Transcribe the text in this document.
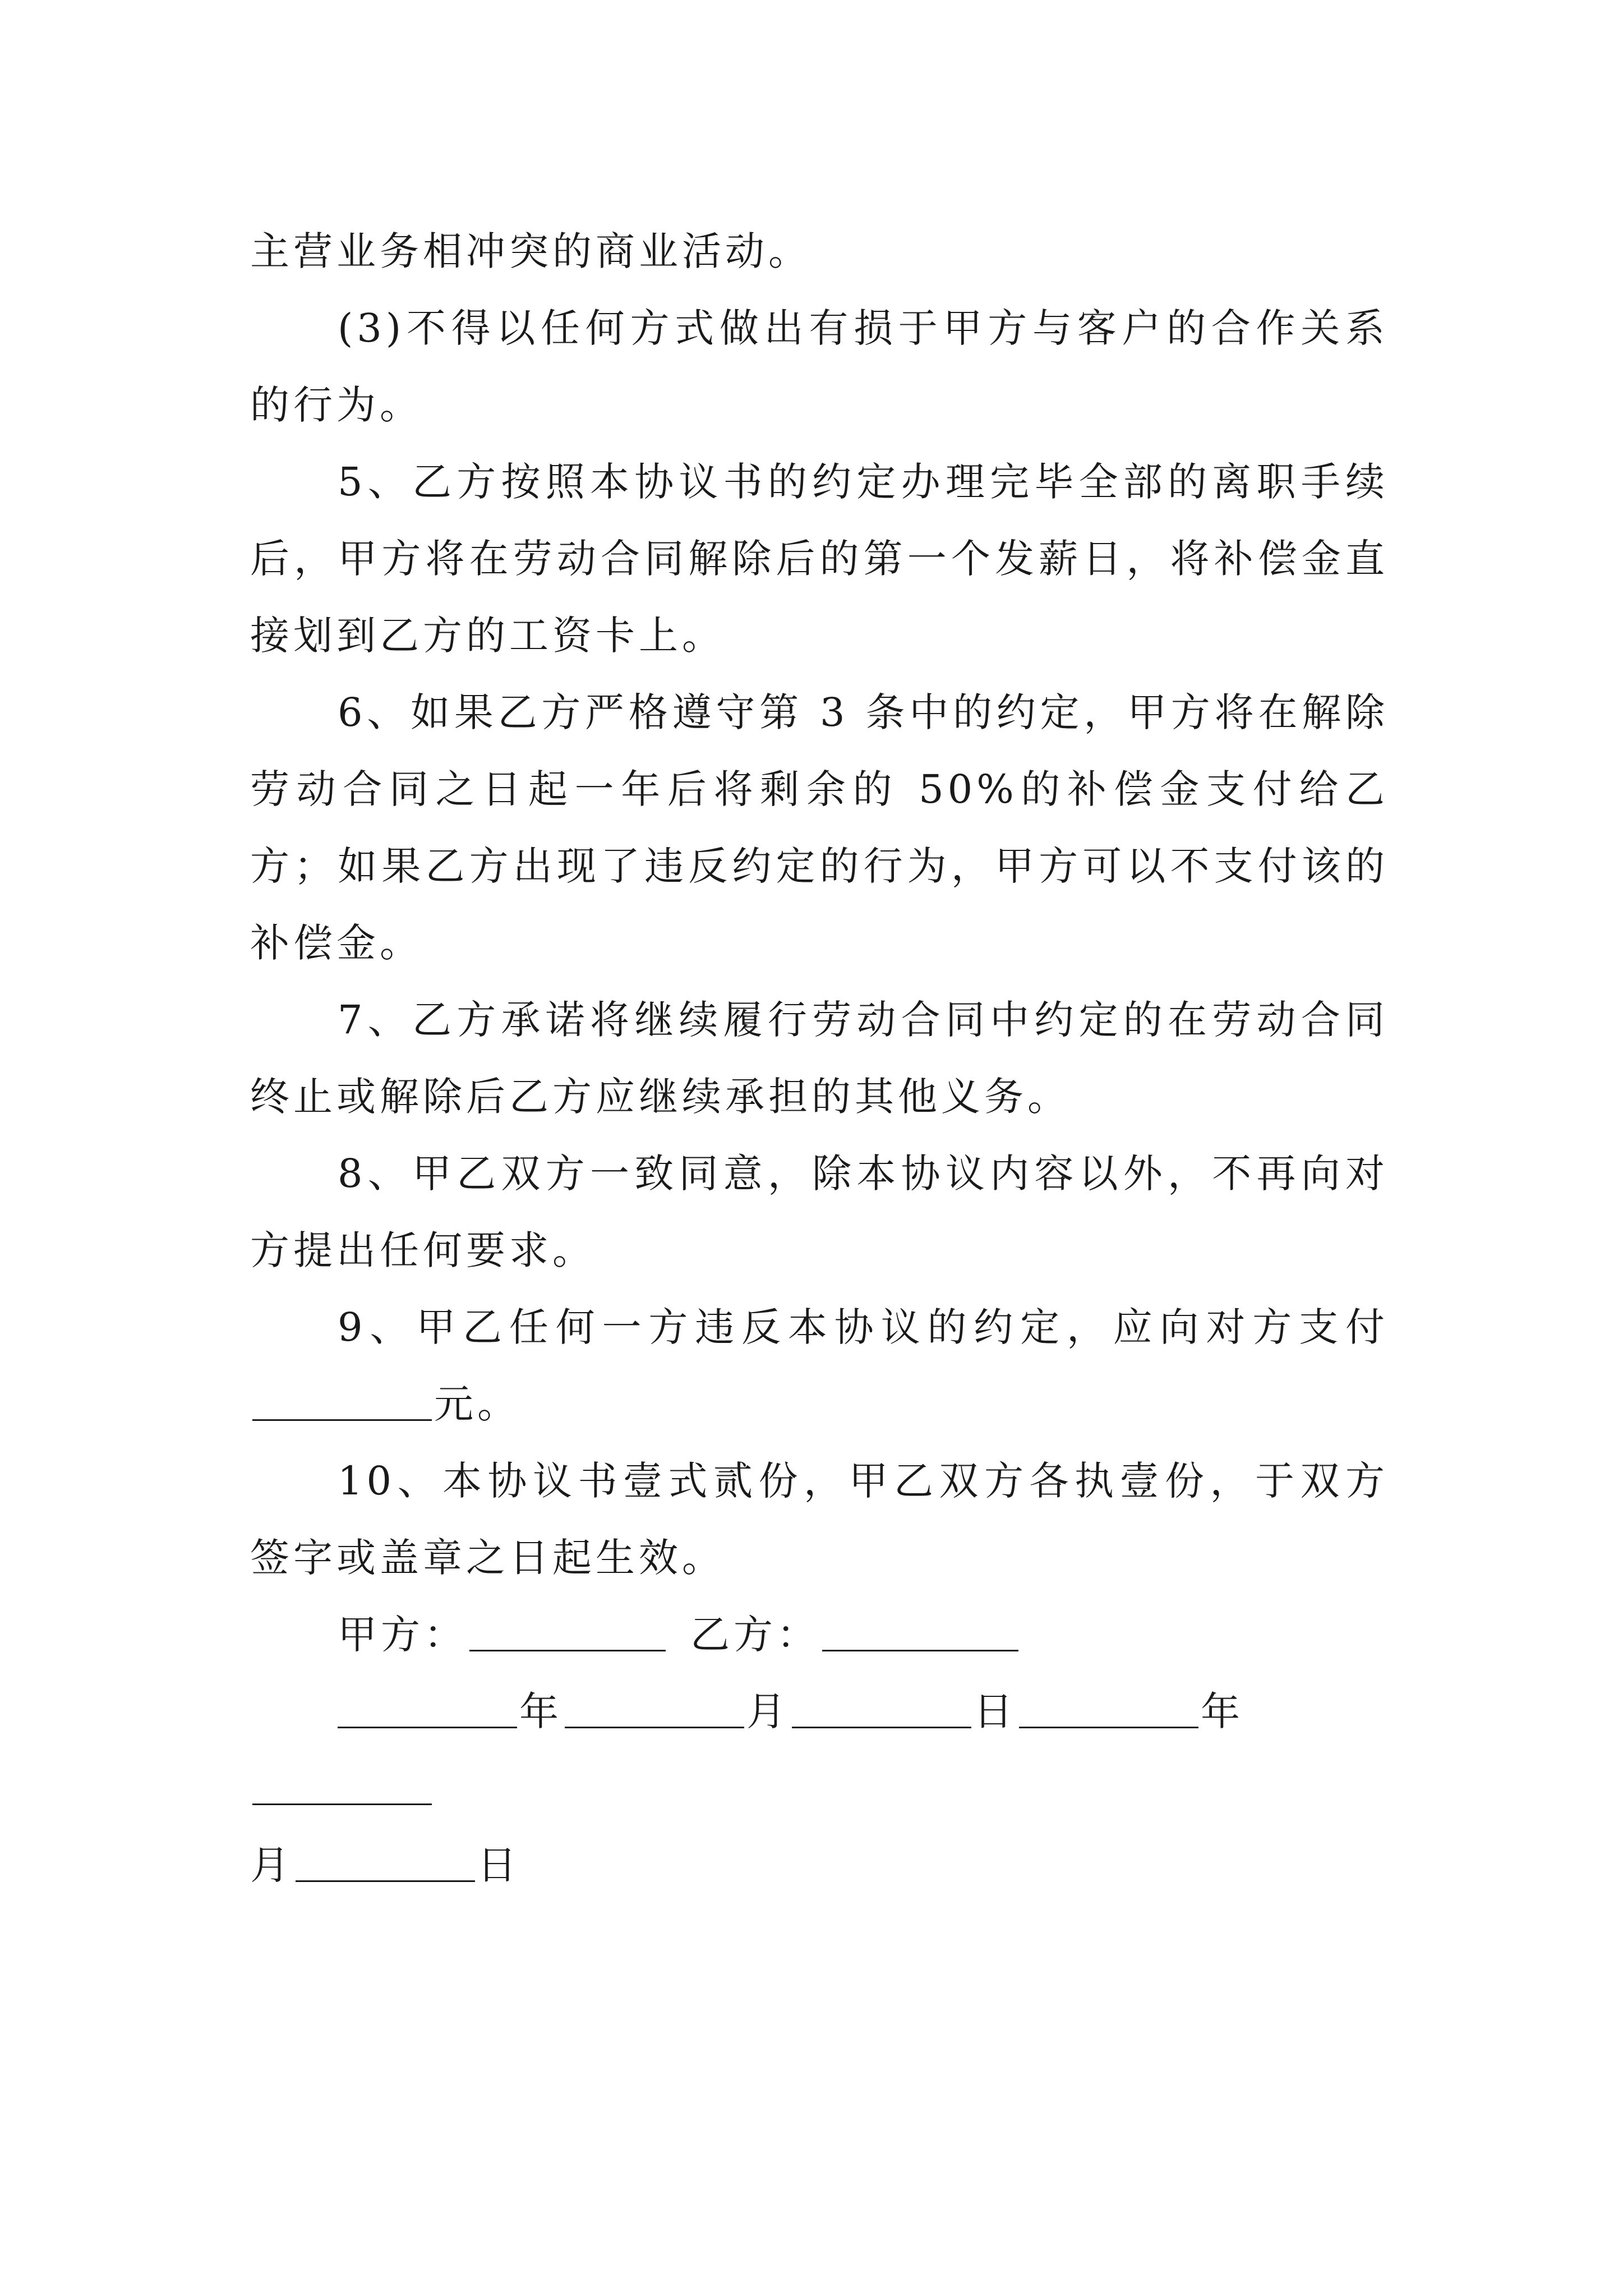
主营业务相冲突的商业活动。

(3)不得以任何方式做出有损于甲方与客户的合作关系的行为。

5、乙方按照本协议书的约定办理完毕全部的离职手续后，甲方将在劳动合同解除后的第一个发薪日，将补偿金直接划到乙方的工资卡上。

6、如果乙方严格遵守第 3 条中的约定，甲方将在解除劳动合同之日起一年后将剩余的 50%的补偿金支付给乙方；如果乙方出现了违反约定的行为，甲方可以不支付该的补偿金。

7、乙方承诺将继续履行劳动合同中约定的在劳动合同终止或解除后乙方应继续承担的其他义务。

8、甲乙双方一致同意，除本协议内容以外，不再向对方提出任何要求。

9、甲乙任何一方违反本协议的约定，应向对方支付元。

10、本协议书壹式贰份，甲乙双方各执壹份，于双方签字或盖章之日起生效。

甲方：	乙方：

年	月	日	年

月	日
